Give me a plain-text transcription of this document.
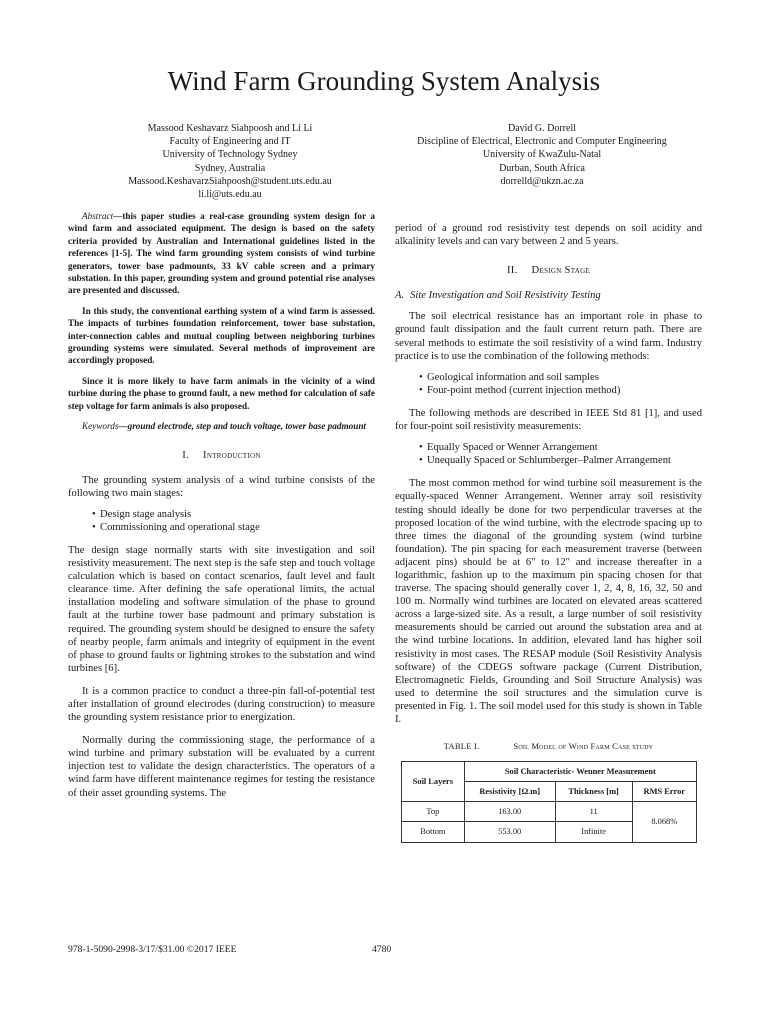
Wind Farm Grounding System Analysis
Massood Keshavarz Siahpoosh and Li Li
Faculty of Engineering and IT
University of Technology Sydney
Sydney, Australia
Massood.KeshavarzSiahpoosh@student.uts.edu.au
li.li@uts.edu.au
David G. Dorrell
Discipline of Electrical, Electronic and Computer Engineering
University of KwaZulu-Natal
Durban, South Africa
dorrelld@ukzn.ac.za

Abstract—this paper studies a real-case grounding system design for a wind farm and associated equipment. The design is based on the safety criteria provided by Australian and International guidelines listed in the references [1-5]. The wind farm grounding system consists of wind turbine generators, tower base padmounts, 33 kV cable screen and a primary substation. In this paper, grounding system and ground potential rise analyses are presented and discussed.

In this study, the conventional earthing system of a wind farm is assessed. The impacts of turbines foundation reinforcement, tower base substation, inter-connection cables and mutual coupling between neighboring turbines grounding systems were simulated. Several methods of improvement are accordingly proposed.

Since it is more likely to have farm animals in the vicinity of a wind turbine during the phase to ground fault, a new method for calculation of safe step voltage for farm animals is also proposed.

Keywords—ground electrode, step and touch voltage, tower base padmount

I. Introduction

The grounding system analysis of a wind turbine consists of the following two main stages:

• Design stage analysis
• Commissioning and operational stage

The design stage normally starts with site investigation and soil resistivity measurement. The next step is the safe step and touch voltage calculation which is based on contact scenarios, fault level and fault clearance time. After defining the safe operational limits, the actual installation modeling and software simulation of the phase to ground fault at the turbine tower base padmount and primary substation is required. The grounding system should be designed to ensure the safety of nearby people, farm animals and integrity of equipment in the event of phase to ground faults or lightning strokes to the substation and wind turbines [6].

It is a common practice to conduct a three-pin fall-of-potential test after installation of ground electrodes (during construction) to measure the grounding system resistance prior to energization.

Normally during the commissioning stage, the performance of a wind turbine and primary substation will be evaluated by a current injection test to validate the design characteristics. The operators of a wind farm have different maintenance regimes for testing the resistance of their asset grounding systems. The

period of a ground rod resistivity test depends on soil acidity and alkalinity levels and can vary between 2 and 5 years.

II. Design Stage
A. Site Investigation and Soil Resistivity Testing

The soil electrical resistance has an important role in phase to ground fault dissipation and the fault current return path. There are several methods to estimate the soil resistivity of a wind farm. Industry practice is to use the combination of the following methods:

• Geological information and soil samples
• Four-point method (current injection method)

The following methods are described in IEEE Std 81 [1], and used for four-point soil resistivity measurements:

• Equally Spaced or Wenner Arrangement
• Unequally Spaced or Schlumberger–Palmer Arrangement

The most common method for wind turbine soil measurement is the equally-spaced Wenner Arrangement. Wenner array soil resistivity testing should ideally be done for two perpendicular traverses at the proposed location of the wind turbine, with the electrode spacing up to three times the diagonal of the grounding system (wind turbine foundation). The pin spacing for each measurement traverse (between adjacent pins) should be at 6" to 12" and increase thereafter in a logarithmic, fashion up to the maximum pin spacing chosen for that traverse. The spacing should generally cover 1, 2, 4, 8, 16, 32, 50 and 100 m. Normally wind turbines are located on elevated areas scattered across a large-sized site. As a result, a large number of soil resistivity measurements should be carried out around the substation area and at the wind turbine locations. In addition, elevated land has higher soil resistivity in most cases. The RESAP module (Soil Resistivity Analysis software) of the CDEGS software package (Current Distribution, Electromagnetic Fields, Grounding and Soil Structure Analysis) was used to determine the soil structures and the simulation curve is presented in Fig. 1. The soil model used for this study is shown in Table I.

TABLE I.	Soil Model of Wind Farm Case study
Soil Layers	Soil Characteristic- Wenner Measurement		
	Resistivity [Ω.m]	Thickness [m]	RMS Error
Top	163.00	11	8.068%
Bottom	553.00	Infinite	
978-1-5090-2998-3/17/$31.00 ©2017 IEEE	4780
